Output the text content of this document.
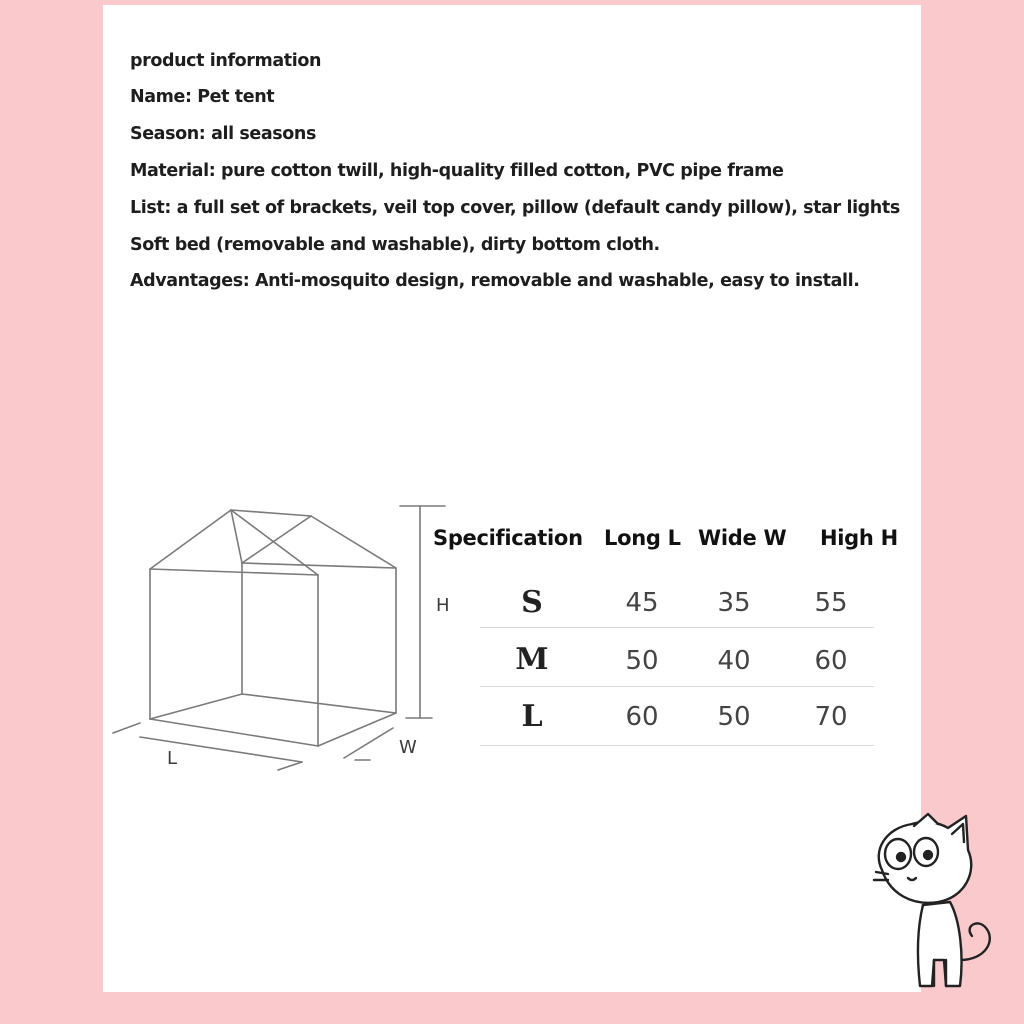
product information
Name: Pet tent
Season: all seasons
Material: pure cotton twill, high-quality filled cotton, PVC pipe frame
List: a full set of brackets, veil top cover, pillow (default candy pillow), star lights
Soft bed (removable and washable), dirty bottom cloth.
Advantages: Anti-mosquito design, removable and washable, easy to install.
H
L
W
Specification Long L Wide W High H
S	45	35	55
M	50	40	60
L	60	50	70
